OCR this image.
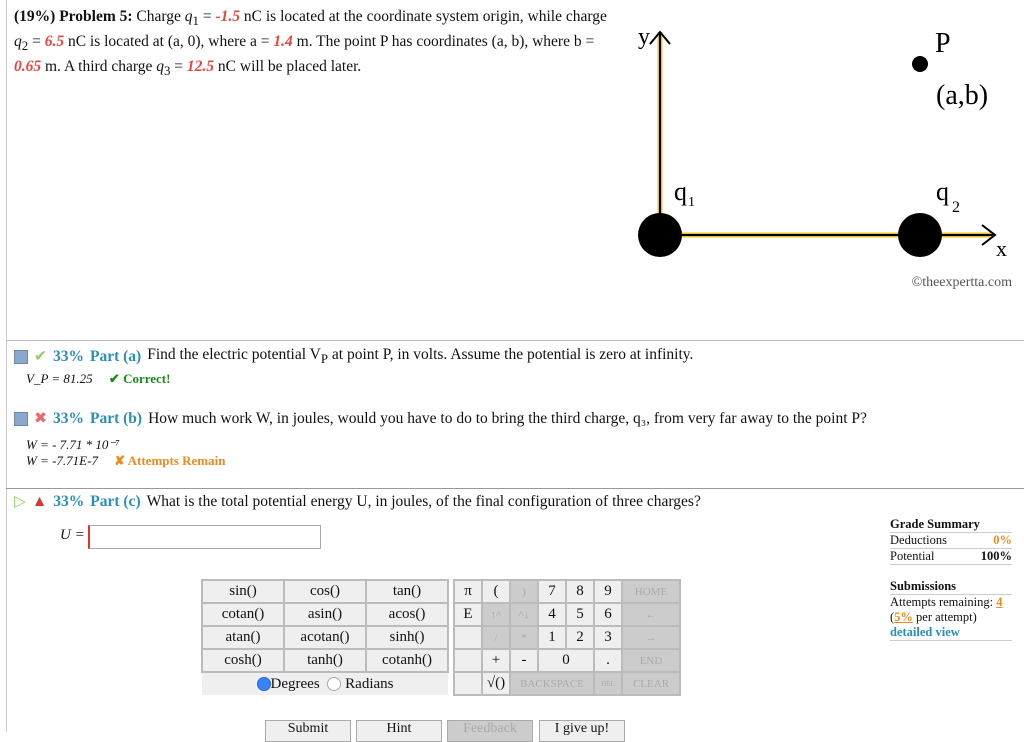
(19%) Problem 5: Charge $q_1 = -1.5$ nC is located at the coordinate system origin, while charge $q_2 = 6.5$ nC is located at (a, 0), where a = 1.4 m. The point P has coordinates (a, b), where b = 0.65 m. A third charge $q_3 = 12.5$ nC will be placed later.
y
x
P
(a,b)
q 1	q
2
©theexpertta.com
✔ 33% Part (a) Find the electric potential $V_P$ at point P, in volts. Assume the potential is zero at infinity.
V_P = 81.25 ✔ Correct!
✖ 33% Part (b) How much work W, in joules, would you have to do to bring the third charge, q₃, from very far away to the point P?
W = - 7.71 * 10⁻⁷
W = -7.71E-7 ✘ Attempts Remain
▷ ▲ 33% Part (c) What is the total potential energy U, in joules, of the final configuration of three charges?
U =
sin()	cos()	tan()		π	(	)	7	8	9	HOME
cotan()	asin()	acos()		E	↑^	^↓	4	5	6	←
atan()	acotan()	sinh()			/	*	1	2	3	→
cosh()	tanh()	cotanh()			+	-	0		.	END
Degrees Radians					√()	BACKSPACE			DEL	CLEAR
Grade Summary
Deductions	0%
Potential	100%
Submissions
Attempts remaining: 4
(5% per attempt)
detailed view
Submit	Hint	Feedback	I give up!
